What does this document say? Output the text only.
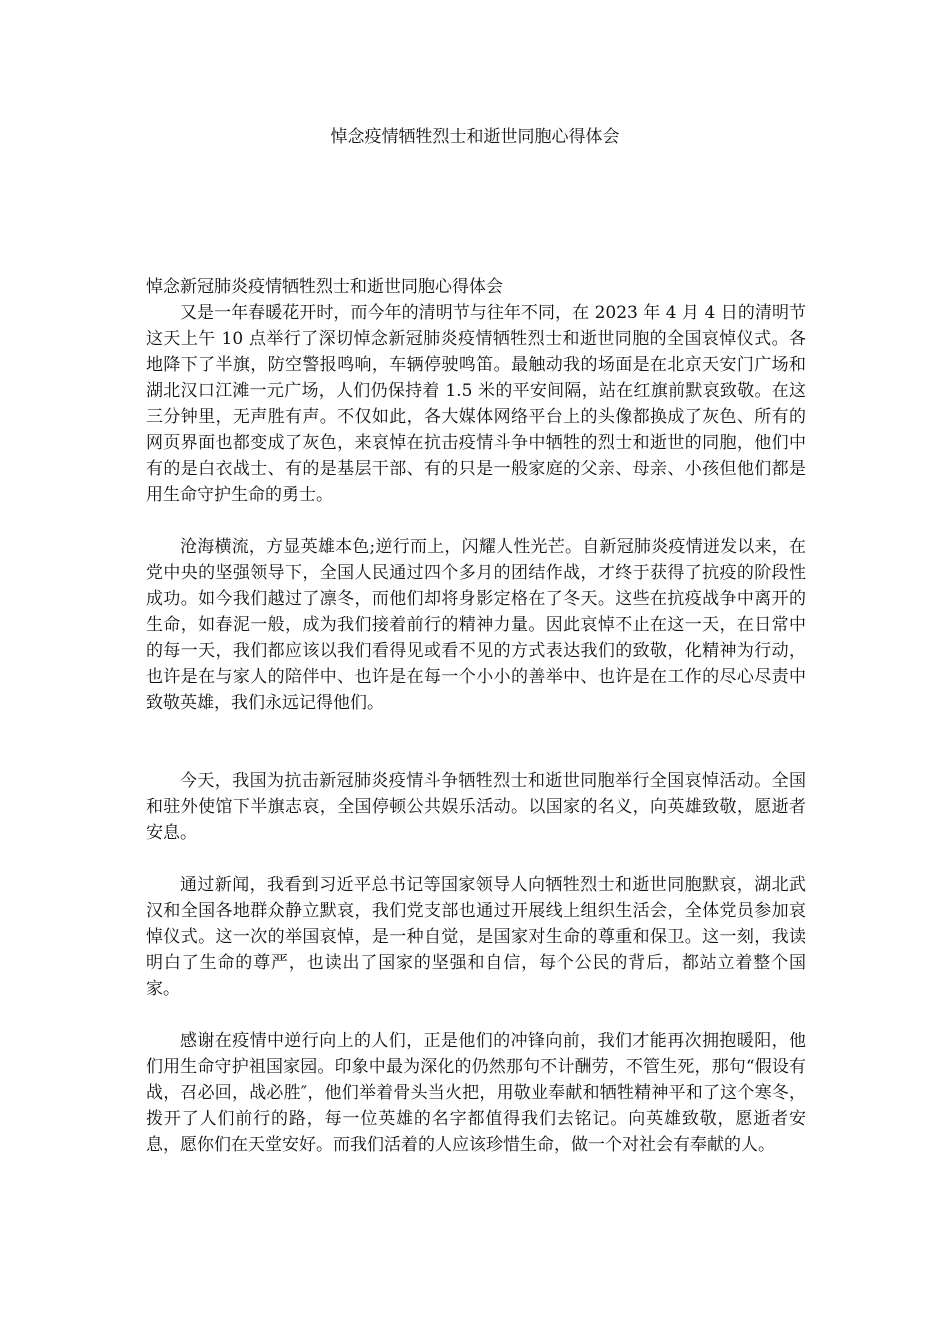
悼念疫情牺牲烈士和逝世同胞心得体会

悼念新冠肺炎疫情牺牲烈士和逝世同胞心得体会

又是一年春暖花开时，而今年的清明节与往年不同，在 2023 年 4 月 4 日的清明节这天上午 10 点举行了深切悼念新冠肺炎疫情牺牲烈士和逝世同胞的全国哀悼仪式。各地降下了半旗，防空警报鸣响，车辆停驶鸣笛。最触动我的场面是在北京天安门广场和湖北汉口江滩一元广场，人们仍保持着 1.5 米的平安间隔，站在红旗前默哀致敬。在这三分钟里，无声胜有声。不仅如此，各大媒体网络平台上的头像都换成了灰色、所有的网页界面也都变成了灰色，来哀悼在抗击疫情斗争中牺牲的烈士和逝世的同胞，他们中有的是白衣战士、有的是基层干部、有的只是一般家庭的父亲、母亲、小孩但他们都是用生命守护生命的勇士。

沧海横流，方显英雄本色;逆行而上，闪耀人性光芒。自新冠肺炎疫情迸发以来，在党中央的坚强领导下，全国人民通过四个多月的团结作战，才终于获得了抗疫的阶段性成功。如今我们越过了凛冬，而他们却将身影定格在了冬天。这些在抗疫战争中离开的生命，如春泥一般，成为我们接着前行的精神力量。因此哀悼不止在这一天，在日常中的每一天，我们都应该以我们看得见或看不见的方式表达我们的致敬，化精神为行动，也许是在与家人的陪伴中、也许是在每一个小小的善举中、也许是在工作的尽心尽责中致敬英雄，我们永远记得他们。

今天，我国为抗击新冠肺炎疫情斗争牺牲烈士和逝世同胞举行全国哀悼活动。全国和驻外使馆下半旗志哀，全国停顿公共娱乐活动。以国家的名义，向英雄致敬，愿逝者安息。

通过新闻，我看到习近平总书记等国家领导人向牺牲烈士和逝世同胞默哀，湖北武汉和全国各地群众静立默哀，我们党支部也通过开展线上组织生活会，全体党员参加哀悼仪式。这一次的举国哀悼，是一种自觉，是国家对生命的尊重和保卫。这一刻，我读明白了生命的尊严，也读出了国家的坚强和自信，每个公民的背后，都站立着整个国家。

感谢在疫情中逆行向上的人们，正是他们的冲锋向前，我们才能再次拥抱暖阳，他们用生命守护祖国家园。印象中最为深化的仍然那句不计酬劳，不管生死，那句“假设有战，召必回，战必胜″，他们举着骨头当火把，用敬业奉献和牺牲精神平和了这个寒冬，拨开了人们前行的路，每一位英雄的名字都值得我们去铭记。向英雄致敬，愿逝者安息，愿你们在天堂安好。而我们活着的人应该珍惜生命，做一个对社会有奉献的人。
